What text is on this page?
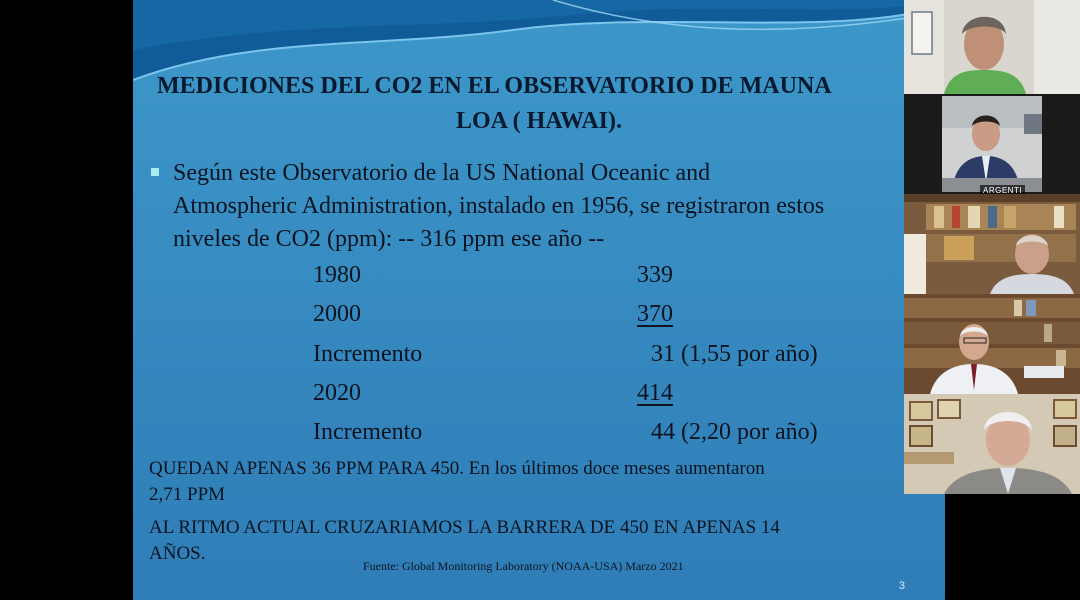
MEDICIONES DEL CO2 EN EL OBSERVATORIO DE MAUNA
LOA ( HAWAI).
Según este Observatorio de la US National Oceanic and
Atmospheric Administration, instalado en 1956, se registraron estos
niveles de CO2 (ppm): -- 316 ppm ese año --
1980	339
2000	370
Incremento	31 (1,55 por año)
2020	414
Incremento	44 (2,20 por año)
QUEDAN APENAS 36 PPM PARA 450. En los últimos doce meses aumentaron
2,71 PPM
AL RITMO ACTUAL CRUZARIAMOS LA BARRERA DE 450 EN APENAS 14
AÑOS.
Fuente: Global Monitoring Laboratory (NOAA-USA) Marzo 2021
3
ARGENTI
